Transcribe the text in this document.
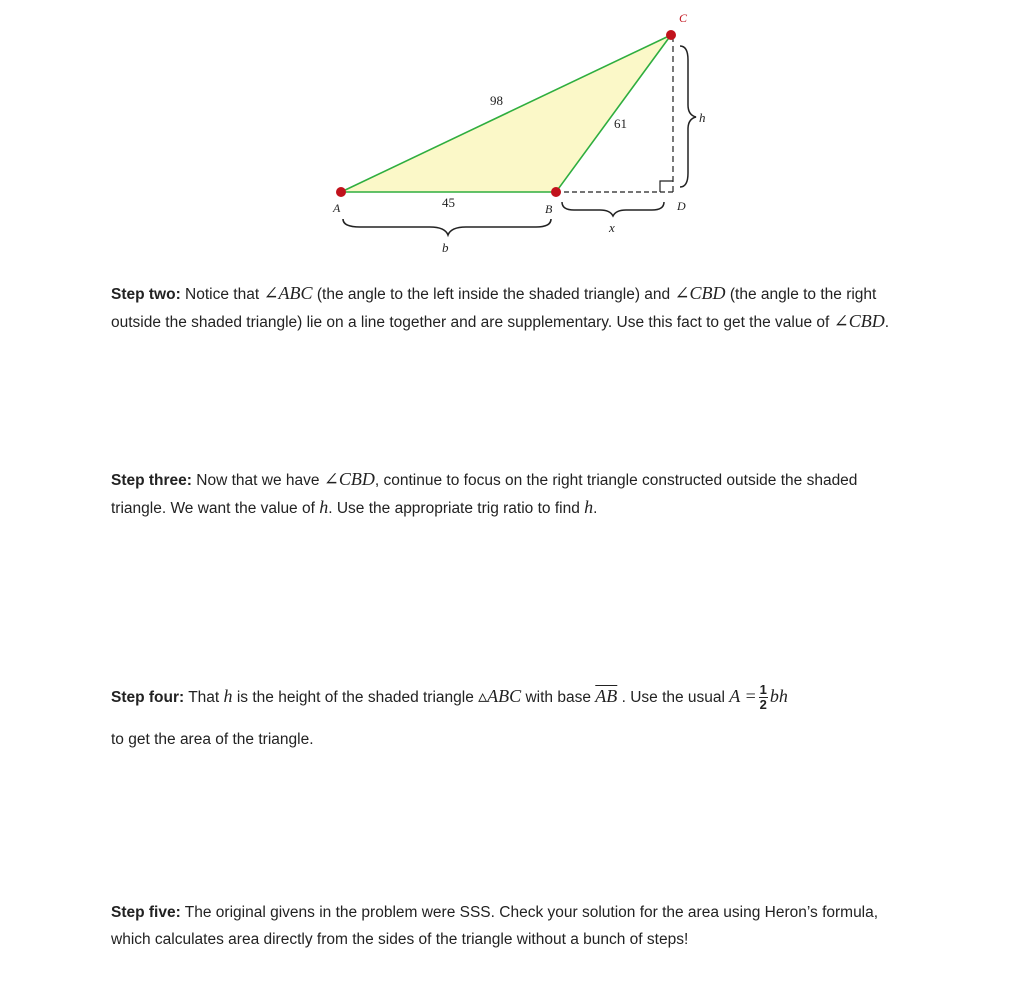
A	B
C
D
98
61
45
b
x
h
Step two: Notice that ∠ABC (the angle to the left inside the shaded triangle) and ∠CBD (the angle to the right outside the shaded triangle) lie on a line together and are supplementary. Use this fact to get the value of ∠CBD.
Step three: Now that we have ∠CBD, continue to focus on the right triangle constructed outside the shaded triangle. We want the value of h. Use the appropriate trig ratio to find h.
Step four: That h is the height of the shaded triangle ▵ABC with base $\overline{AB}$ . Use the usual $A = \frac{1}{2}$ bh
to get the area of the triangle.
Step five: The original givens in the problem were SSS. Check your solution for the area using Heron’s formula, which calculates area directly from the sides of the triangle without a bunch of steps!
